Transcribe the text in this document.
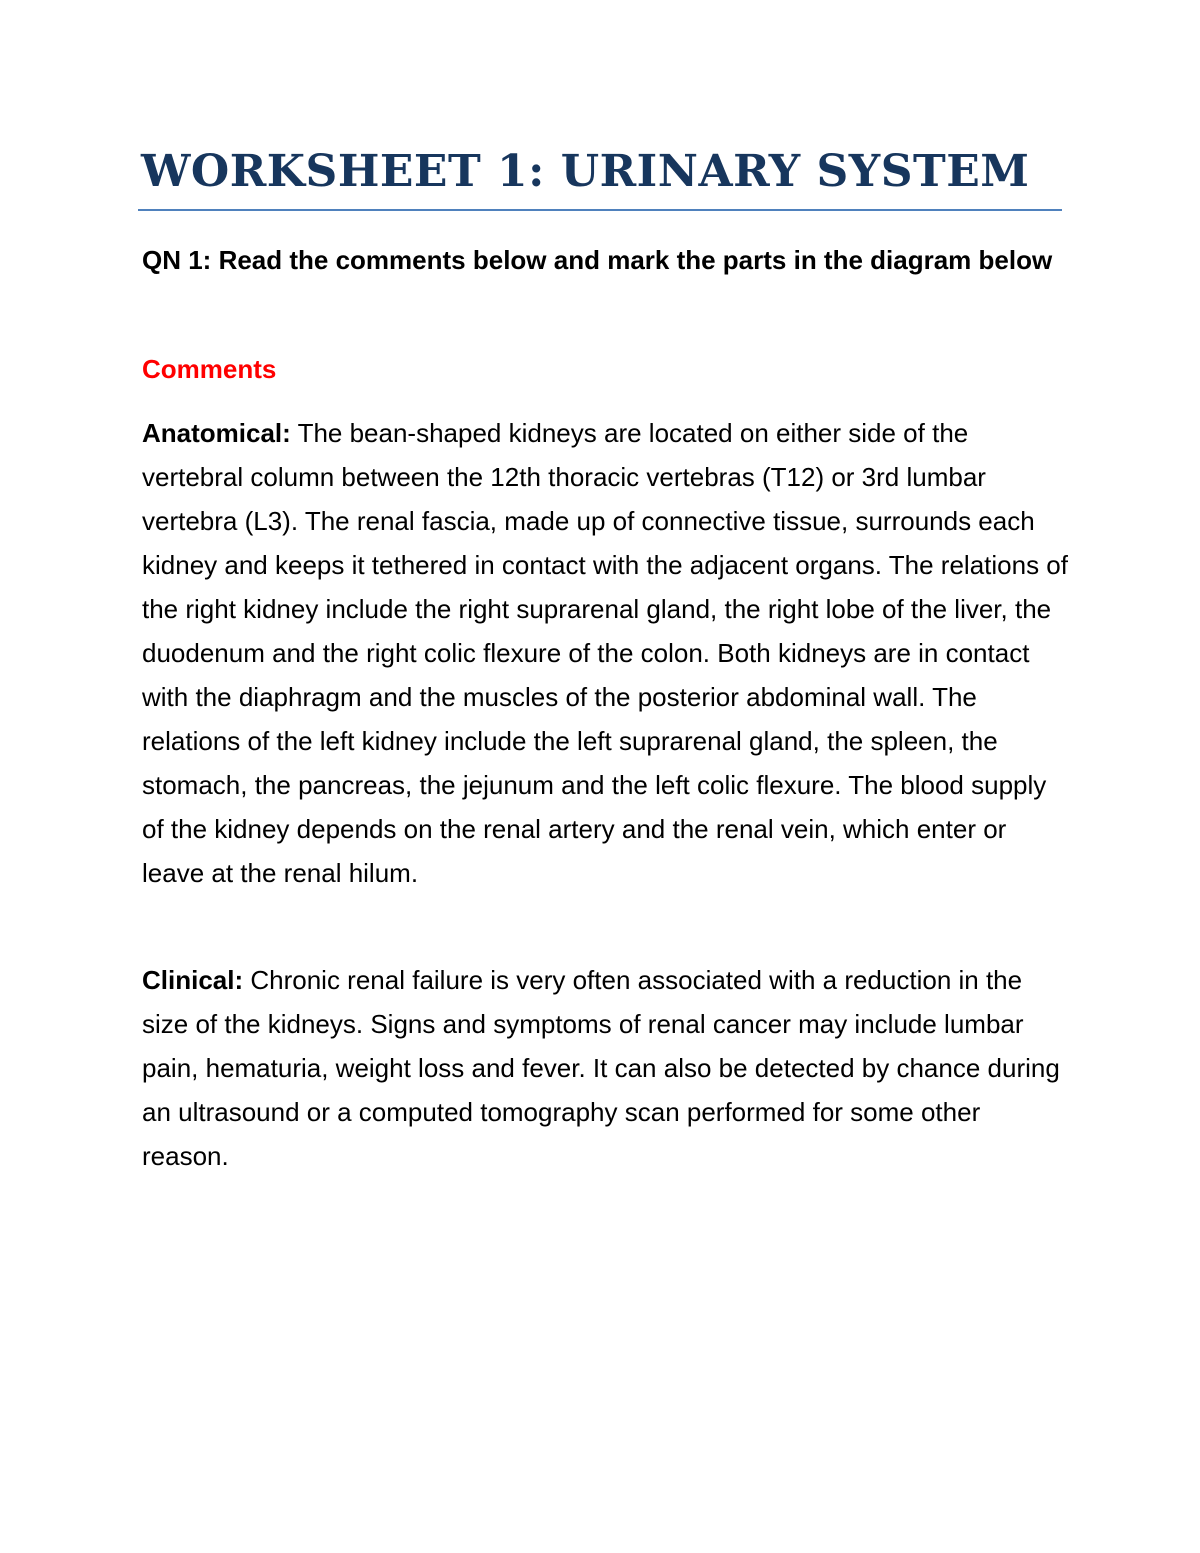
WORKSHEET 1: URINARY SYSTEM

QN 1: Read the comments below and mark the parts in the diagram below

Comments

Anatomical: The bean-shaped kidneys are located on either side of the vertebral column between the 12th thoracic vertebras (T12) or 3rd lumbar vertebra (L3). The renal fascia, made up of connective tissue, surrounds each kidney and keeps it tethered in contact with the adjacent organs. The relations of the right kidney include the right suprarenal gland, the right lobe of the liver, the duodenum and the right colic flexure of the colon. Both kidneys are in contact with the diaphragm and the muscles of the posterior abdominal wall. The relations of the left kidney include the left suprarenal gland, the spleen, the stomach, the pancreas, the jejunum and the left colic flexure. The blood supply of the kidney depends on the renal artery and the renal vein, which enter or leave at the renal hilum.

Clinical: Chronic renal failure is very often associated with a reduction in the size of the kidneys. Signs and symptoms of renal cancer may include lumbar pain, hematuria, weight loss and fever. It can also be detected by chance during an ultrasound or a computed tomography scan performed for some other reason.
